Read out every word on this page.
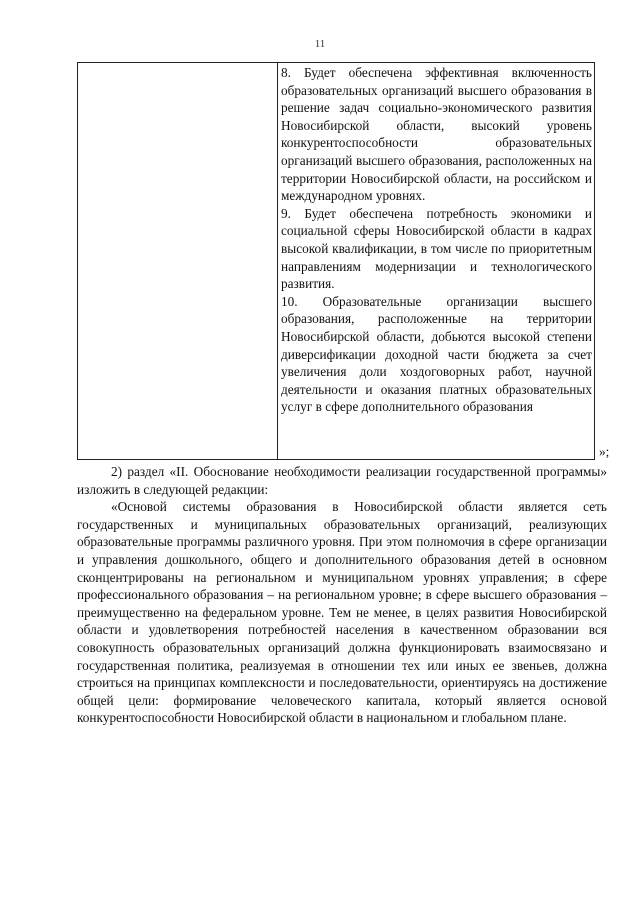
11

8. Будет обеспечена эффективная включенность образовательных организаций высшего образования в решение задач социально-экономического развития Новосибирской области, высокий уровень конкурентоспособности образовательных организаций высшего образования, расположенных на территории Новосибирской области, на российском и международном уровнях.

9. Будет обеспечена потребность экономики и социальной сферы Новосибирской области в кадрах высокой квалификации, в том числе по приоритетным направлениям модернизации и технологического развития.

10. Образовательные организации высшего образования, расположенные на территории Новосибирской области, добьются высокой степени диверсификации доходной части бюджета за счет увеличения доли хоздоговорных работ, научной деятельности и оказания платных образовательных услуг в сфере дополнительного образования

»;

2) раздел «II. Обоснование необходимости реализации государственной программы» изложить в следующей редакции:

«Основой системы образования в Новосибирской области является сеть государственных и муниципальных образовательных организаций, реализующих образовательные программы различного уровня. При этом полномочия в сфере организации и управления дошкольного, общего и дополнительного образования детей в основном сконцентрированы на региональном и муниципальном уровнях управления; в сфере профессионального образования – на региональном уровне; в сфере высшего образования – преимущественно на федеральном уровне. Тем не менее, в целях развития Новосибирской области и удовлетворения потребностей населения в качественном образовании вся совокупность образовательных организаций должна функционировать взаимосвязано и государственная политика, реализуемая в отношении тех или иных ее звеньев, должна строиться на принципах комплексности и последовательности, ориентируясь на достижение общей цели: формирование человеческого капитала, который является основой конкурентоспособности Новосибирской области в национальном и глобальном плане.
